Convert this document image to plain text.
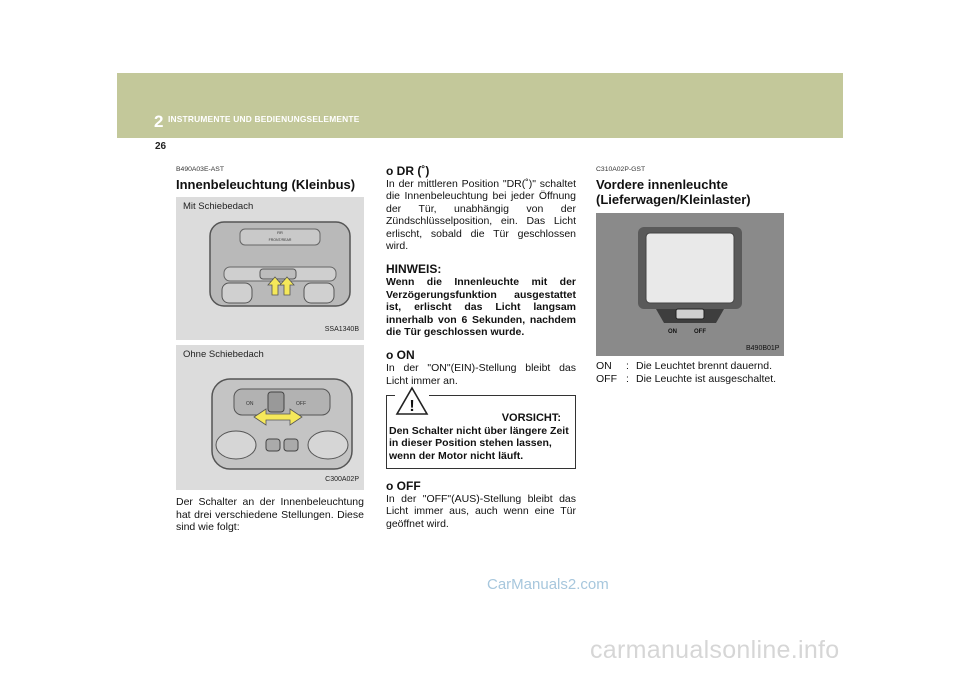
2 INSTRUMENTE UND BEDIENUNGSELEMENTE
26
B490A03E-AST
Innenbeleuchtung (Kleinbus)
Mit Schiebedach
RR
FRONT/REAR
SSA1340B
Ohne Schiebedach
ON	OFF
C300A02P
Der Schalter an der Innenbeleuchtung hat drei verschiedene Stellungen. Diese sind wie folgt:
o DR (˚)
In der mittleren Position "DR(˚)" schaltet die Innenbeleuchtung bei jeder Öffnung der Tür, unabhängig von der Zündschlüsselposition, ein. Das Licht erlischt, sobald die Tür geschlossen wird.
HINWEIS:
Wenn die Innenleuchte mit der Verzögerungsfunktion ausgestattet ist, erlischt das Licht langsam innerhalb von 6 Sekunden, nachdem die Tür geschlossen wurde.
o ON
In der "ON"(EIN)-Stellung bleibt das Licht immer an.
!
VORSICHT:
Den Schalter nicht über längere Zeit in dieser Position stehen lassen, wenn der Motor nicht läuft.
o OFF
In der "OFF"(AUS)-Stellung bleibt das Licht immer aus, auch wenn eine Tür geöffnet wird.
C310A02P-GST
Vordere innenleuchte (Lieferwagen/Kleinlaster)
ON	OFF
B490B01P
ON	: Die Leuchtet brennt dauernd.
OFF : Die Leuchte ist ausgeschaltet.
CarManuals2.com
carmanualsonline.info
